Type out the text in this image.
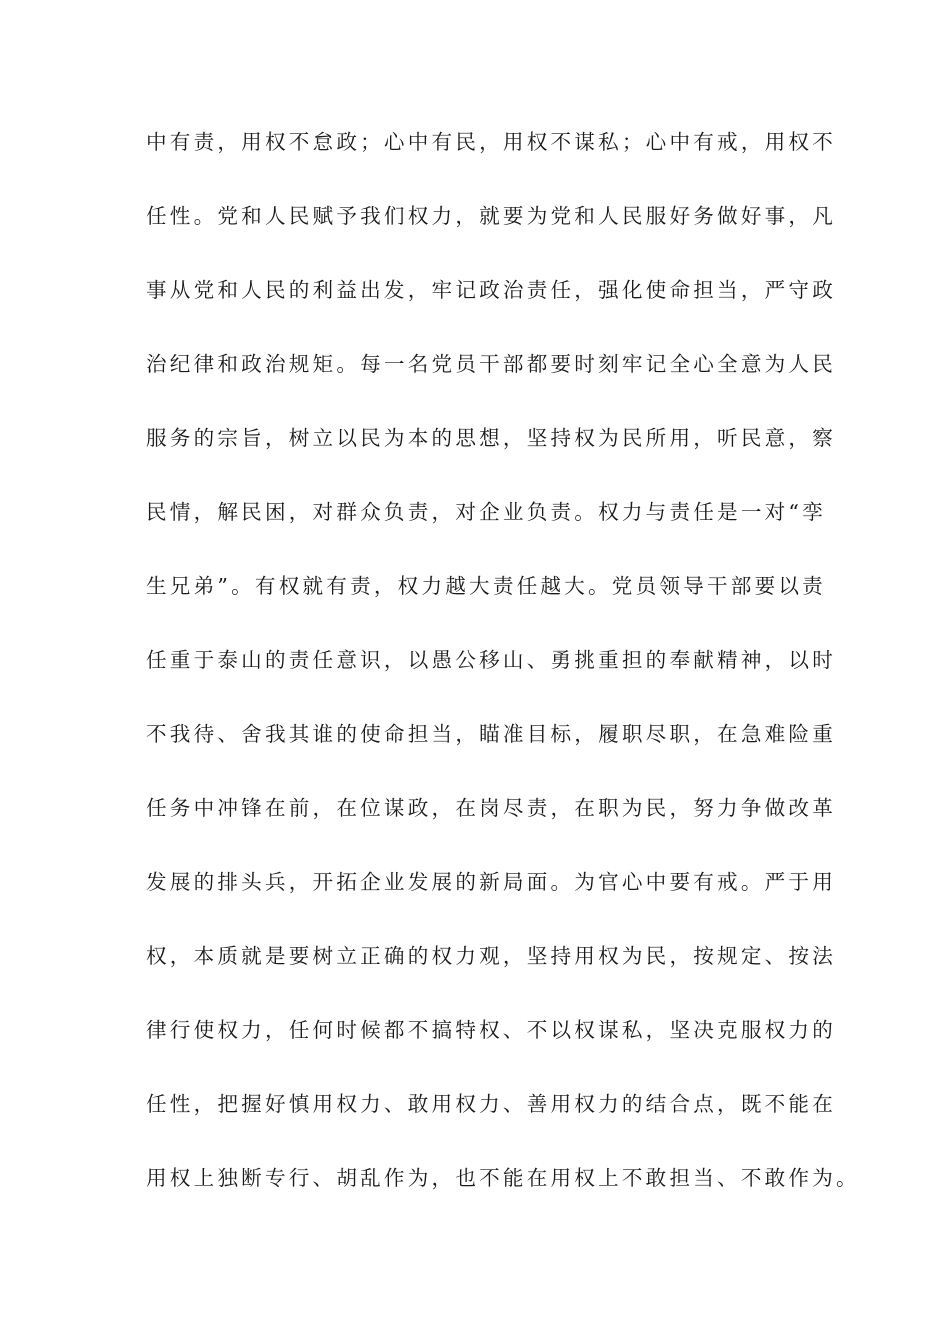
中有责，用权不怠政；心中有民，用权不谋私；心中有戒，用权不
任性。党和人民赋予我们权力，就要为党和人民服好务做好事，凡
事从党和人民的利益出发，牢记政治责任，强化使命担当，严守政
治纪律和政治规矩。每一名党员干部都要时刻牢记全心全意为人民
服务的宗旨，树立以民为本的思想，坚持权为民所用，听民意，察
民情，解民困，对群众负责，对企业负责。权力与责任是一对“孪
生兄弟”。有权就有责，权力越大责任越大。党员领导干部要以责
任重于泰山的责任意识，以愚公移山、勇挑重担的奉献精神，以时
不我待、舍我其谁的使命担当，瞄准目标，履职尽职，在急难险重
任务中冲锋在前，在位谋政，在岗尽责，在职为民，努力争做改革
发展的排头兵，开拓企业发展的新局面。为官心中要有戒。严于用
权，本质就是要树立正确的权力观，坚持用权为民，按规定、按法
律行使权力，任何时候都不搞特权、不以权谋私，坚决克服权力的
任性，把握好慎用权力、敢用权力、善用权力的结合点，既不能在
用权上独断专行、胡乱作为，也不能在用权上不敢担当、不敢作为。
